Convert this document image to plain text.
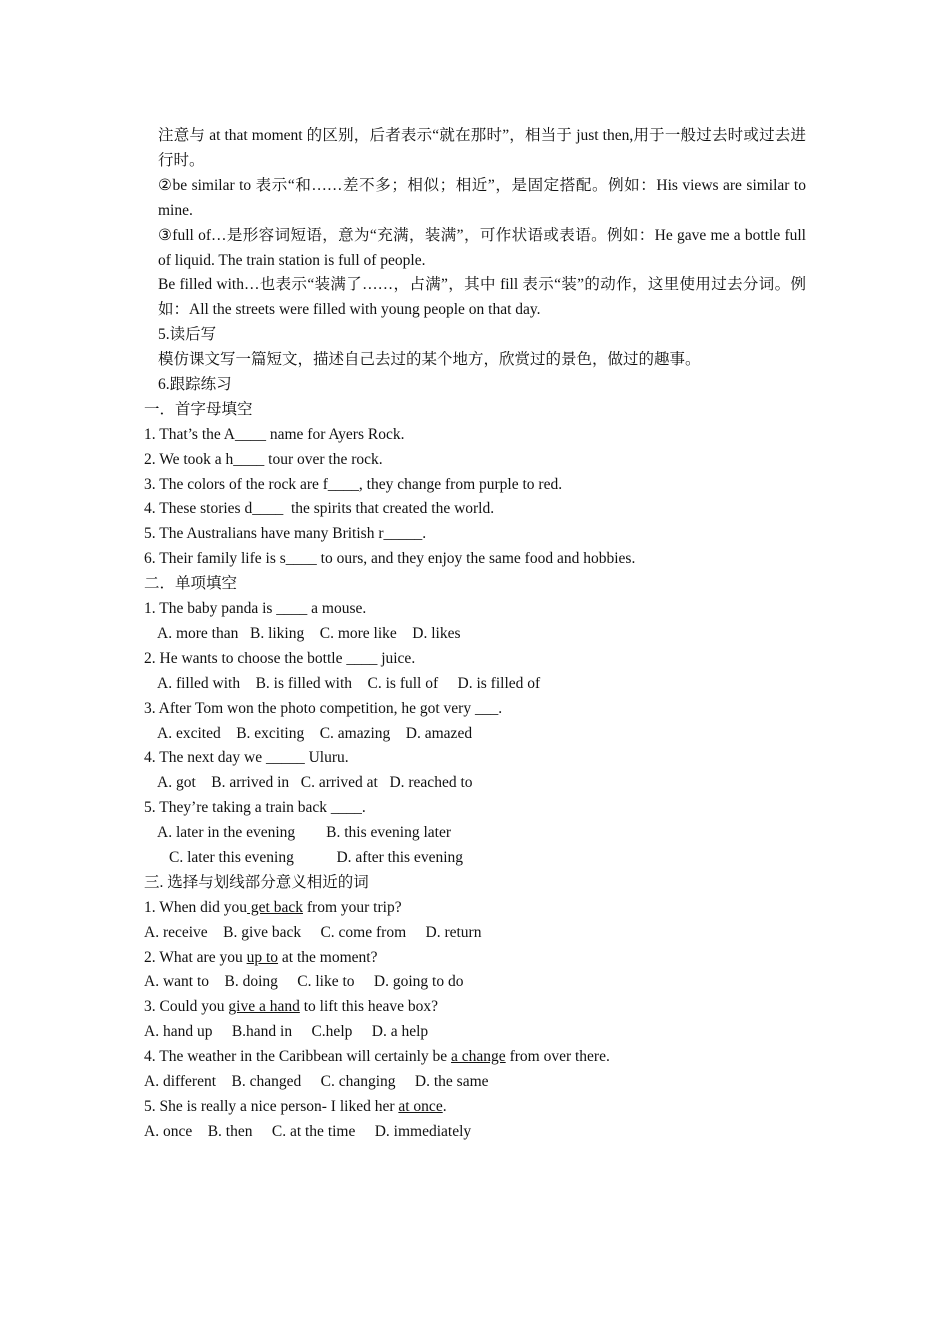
注意与 at that moment 的区别，后者表示“就在那时”，相当于 just then,用于一般过去时或过去进行时。
②be similar to 表示“和……差不多；相似；相近”，是固定搭配。例如：His views are similar to mine.
③full of…是形容词短语，意为“充满，装满”，可作状语或表语。例如：He gave me a bottle full of liquid. The train station is full of people.
Be filled with…也表示“装满了……，占满”，其中 fill 表示“装”的动作，这里使用过去分词。例如：All the streets were filled with young people on that day.
5.读后写
模仿课文写一篇短文，描述自己去过的某个地方，欣赏过的景色，做过的趣事。
6.跟踪练习
一．首字母填空
1. That’s the A____ name for Ayers Rock.
2. We took a h____ tour over the rock.
3. The colors of the rock are f____, they change from purple to red.
4. These stories d____  the spirits that created the world.
5. The Australians have many British r_____.
6. Their family life is s____ to ours, and they enjoy the same food and hobbies.
二．单项填空
1. The baby panda is ____ a mouse.
A. more than   B. liking    C. more like    D. likes
2. He wants to choose the bottle ____ juice.
A. filled with    B. is filled with    C. is full of     D. is filled of
3. After Tom won the photo competition, he got very ___.
A. excited    B. exciting    C. amazing    D. amazed
4. The next day we _____ Uluru.
A. got    B. arrived in   C. arrived at   D. reached to
5. They’re taking a train back ____.
A. later in the evening        B. this evening later
C. later this evening           D. after this evening
三. 选择与划线部分意义相近的词
1. When did you get back from your trip?
A. receive    B. give back     C. come from     D. return
2. What are you up to at the moment?
A. want to    B. doing     C. like to     D. going to do
3. Could you give a hand to lift this heave box?
A. hand up     B.hand in     C.help     D. a help
4. The weather in the Caribbean will certainly be a change from over there.
A. different    B. changed     C. changing     D. the same
5. She is really a nice person- I liked her at once.
A. once    B. then     C. at the time     D. immediately
